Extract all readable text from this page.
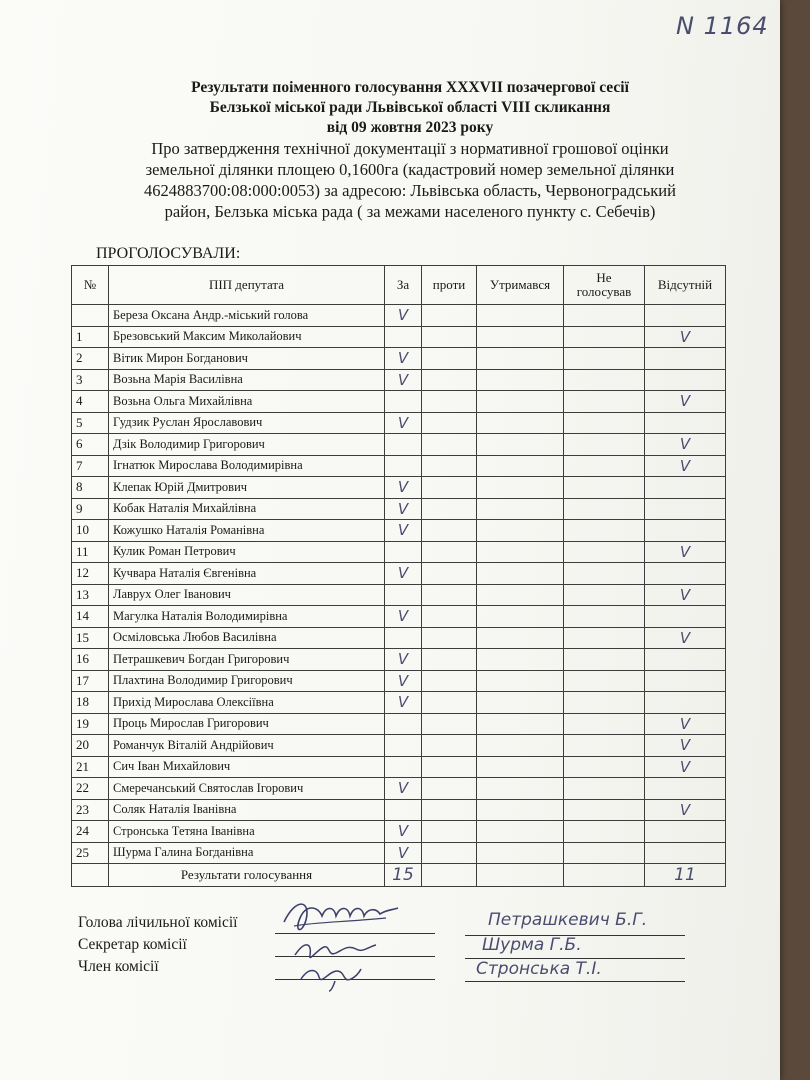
N 1164
Результати поіменного голосування XXXVII позачергової сесії
Белзької міської ради Львівської області VIII скликання
від 09 жовтня 2023 року
Про затвердження технічної документації з нормативної грошової оцінки
земельної ділянки площею 0,1600га (кадастровий номер земельної ділянки
4624883700:08:000:0053) за адресою: Львівська область, Червоноградський
район, Белзька міська рада ( за межами населеного пункту с. Себечів)
ПРОГОЛОСУВАЛИ:
№	ПІП депутата	За	проти	Утримався	Не голосував	Відсутній
	Береза Оксана Андр.-міський голова	V				
1	Брезовський Максим Миколайович					V
2	Вітик Мирон Богданович	V				
3	Возьна Марія Василівна	V				
4	Возьна Ольга Михайлівна					V
5	Гудзик Руслан Ярославович	V				
6	Дзік Володимир Григорович					V
7	Ігнатюк Мирослава Володимирівна					V
8	Клепак Юрій Дмитрович	V				
9	Кобак Наталія Михайлівна	V				
10	Кожушко Наталія Романівна	V				
11	Кулик Роман Петрович					V
12	Кучвара Наталія Євгенівна	V				
13	Лаврух Олег Іванович					V
14	Магулка Наталія Володимирівна	V				
15	Осміловська Любов Василівна					V
16	Петрашкевич Богдан Григорович	V				
17	Плахтина Володимир Григорович	V				
18	Прихід Мирослава Олексіївна	V				
19	Проць Мирослав Григорович					V
20	Романчук Віталій Андрійович					V
21	Сич Іван Михайлович					V
22	Смеречанський Святослав Ігорович	V				
23	Соляк Наталія Іванівна					V
24	Стронська Тетяна Іванівна	V				
25	Шурма Галина Богданівна	V				
	Результати голосування	15				11
Голова лічильної комісії
Секретар комісії
Член комісії
Петрашкевич Б.Г.
Шурма Г.Б.
Стронська Т.І.
